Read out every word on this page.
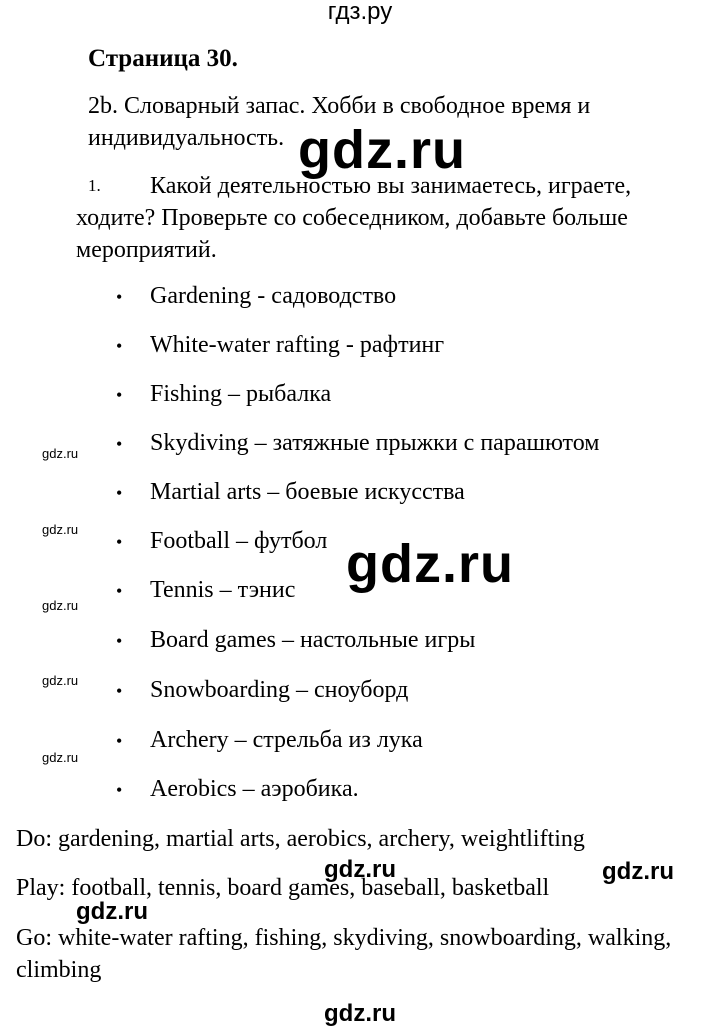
гдз.ру
Страница 30.
2b. Словарный запас. Хобби в свободное время и индивидуальность.
1.	Какой деятельностью вы занимаетесь, играете, ходите? Проверьте со собеседником, добавьте больше мероприятий.
• Gardening - садоводство
• White-water rafting - рафтинг
• Fishing – рыбалка
• Skydiving – затяжные прыжки с парашютом
• Martial arts – боевые искусства
• Football – футбол
• Tennis – тэнис
• Board games – настольные игры
• Snowboarding – сноуборд
• Archery – стрельба из лука
• Aerobics – аэробика.
Do: gardening, martial arts, aerobics, archery, weightlifting
Play: football, tennis, board games, baseball, basketball
Go: white-water rafting, fishing, skydiving, snowboarding, walking, climbing
gdz.ru
gdz.ru
gdz.ru
gdz.ru
gdz.ru
gdz.ru
gdz.ru
gdz.ru	gdz.ru
gdz.ru
gdz.ru
